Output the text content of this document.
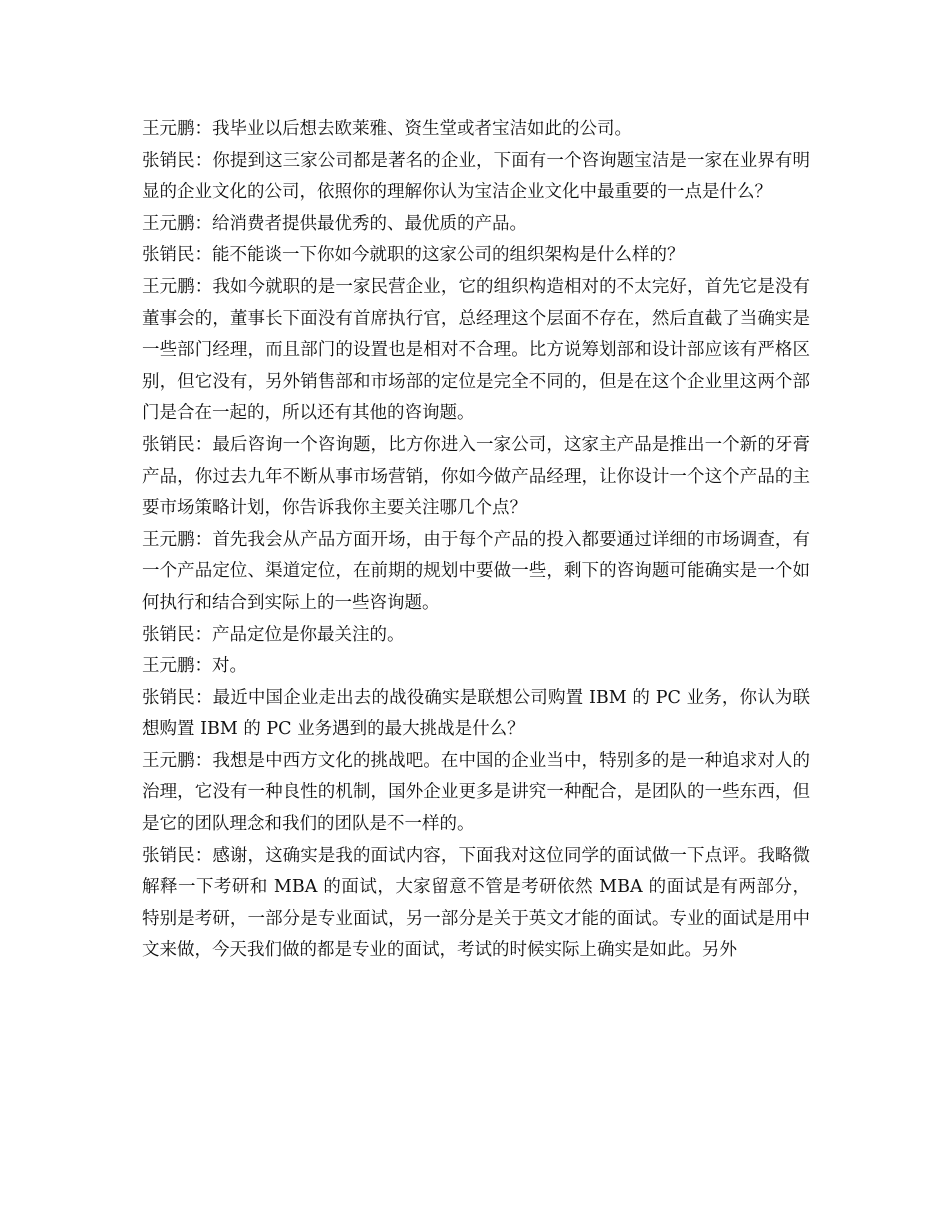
王元鹏：我毕业以后想去欧莱雅、资生堂或者宝洁如此的公司。

张销民：你提到这三家公司都是著名的企业，下面有一个咨询题宝洁是一家在业界有明显的企业文化的公司，依照你的理解你认为宝洁企业文化中最重要的一点是什么？

王元鹏：给消费者提供最优秀的、最优质的产品。

张销民：能不能谈一下你如今就职的这家公司的组织架构是什么样的？

王元鹏：我如今就职的是一家民营企业，它的组织构造相对的不太完好，首先它是没有董事会的，董事长下面没有首席执行官，总经理这个层面不存在，然后直截了当确实是一些部门经理，而且部门的设置也是相对不合理。比方说筹划部和设计部应该有严格区别，但它没有，另外销售部和市场部的定位是完全不同的，但是在这个企业里这两个部门是合在一起的，所以还有其他的咨询题。

张销民：最后咨询一个咨询题，比方你进入一家公司，这家主产品是推出一个新的牙膏产品，你过去九年不断从事市场营销，你如今做产品经理，让你设计一个这个产品的主要市场策略计划，你告诉我你主要关注哪几个点？

王元鹏：首先我会从产品方面开场，由于每个产品的投入都要通过详细的市场调查，有一个产品定位、渠道定位，在前期的规划中要做一些，剩下的咨询题可能确实是一个如何执行和结合到实际上的一些咨询题。

张销民：产品定位是你最关注的。

王元鹏：对。

张销民：最近中国企业走出去的战役确实是联想公司购置 IBM 的 PC 业务，你认为联想购置 IBM 的 PC 业务遇到的最大挑战是什么？

王元鹏：我想是中西方文化的挑战吧。在中国的企业当中，特别多的是一种追求对人的治理，它没有一种良性的机制，国外企业更多是讲究一种配合，是团队的一些东西，但是它的团队理念和我们的团队是不一样的。

张销民：感谢，这确实是我的面试内容，下面我对这位同学的面试做一下点评。我略微解释一下考研和 MBA 的面试，大家留意不管是考研依然 MBA 的面试是有两部分，特别是考研，一部分是专业面试，另一部分是关于英文才能的面试。专业的面试是用中文来做，今天我们做的都是专业的面试，考试的时候实际上确实是如此。另外
